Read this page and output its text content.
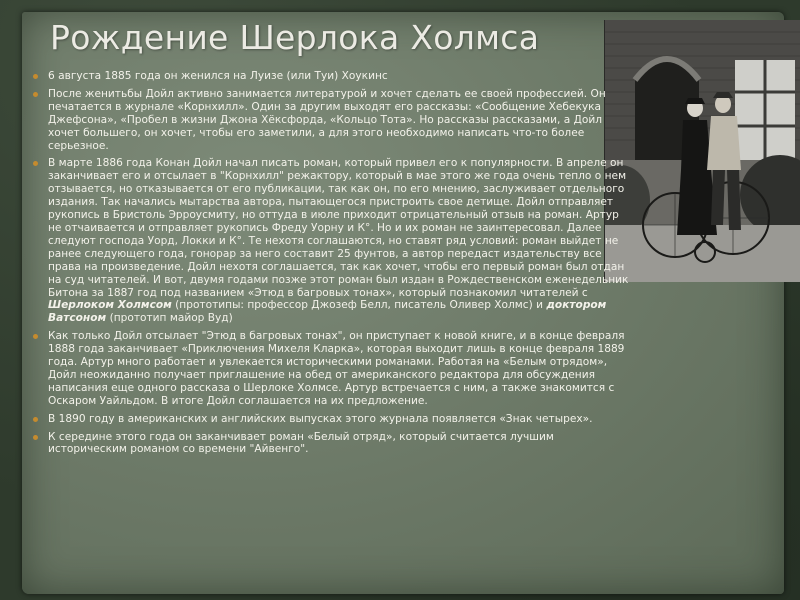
Рождение Шерлока Холмса
6 августа 1885 года он женился на Луизе (или Туи) Хоукинс
После женитьбы Дойл активно занимается литературой и хочет сделать ее своей профессией. Он печатается в журнале «Корнхилл». Один за другим выходят его рассказы: «Сообщение Хебекука Джефсона», «Пробел в жизни Джона Хёксфорда, «Кольцо Тота». Но рассказы рассказами, а Дойл хочет большего, он хочет, чтобы его заметили, а для этого необходимо написать что-то более серьезное.
В марте 1886 года Конан Дойл начал писать роман, который привел его к популярности. В апреле он заканчивает его и отсылает в "Корнхилл" режактору, который в мае этого же года очень тепло о нем отзывается, но отказывается от его публикации, так как он, по его мнению, заслуживает отдельного издания. Так начались мытарства автора, пытающегося пристроить свое детище. Дойл отправляет рукопись в Бристоль Эрроусмиту, но оттуда в июле приходит отрицательный отзыв на роман. Артур не отчаивается и отправляет рукопись Фреду Уорну и К°. Но и их роман не заинтересовал. Далее следуют господа Уорд, Локки и К°. Те нехотя соглашаются, но ставят ряд условий: роман выйдет не ранее следующего года, гонорар за него составит 25 фунтов, а автор передаст издательству все права на произведение. Дойл нехотя соглашается, так как хочет, чтобы его первый роман был отдан на суд читателей. И вот, двумя годами позже этот роман был издан в Рождественском еженедельник Битона за 1887 год под названием «Этюд в багровых тонах», который познакомил читателей с Шерлоком Холмсом (прототипы: профессор Джозеф Белл, писатель Оливер Холмс) и доктором Ватсоном (прототип майор Вуд)
Как только Дойл отсылает "Этюд в багровых тонах", он приступает к новой книге, и в конце февраля 1888 года заканчивает «Приключения Михеля Кларка», которая выходит лишь в конце февраля 1889 года. Артур много работает и увлекается историческими романами. Работая на «Белым отрядом», Дойл неожиданно получает приглашение на обед от американского редактора для обсуждения написания еще одного рассказа о Шерлоке Холмсе. Артур встречается с ним, а также знакомится с Оскаром Уайльдом. В итоге Дойл соглашается на их предложение.
В 1890 году в американских и английских выпусках этого журнала появляется «Знак четырех».
К середине этого года он заканчивает роман «Белый отряд», который считается лучшим историческим романом со времени "Айвенго".
